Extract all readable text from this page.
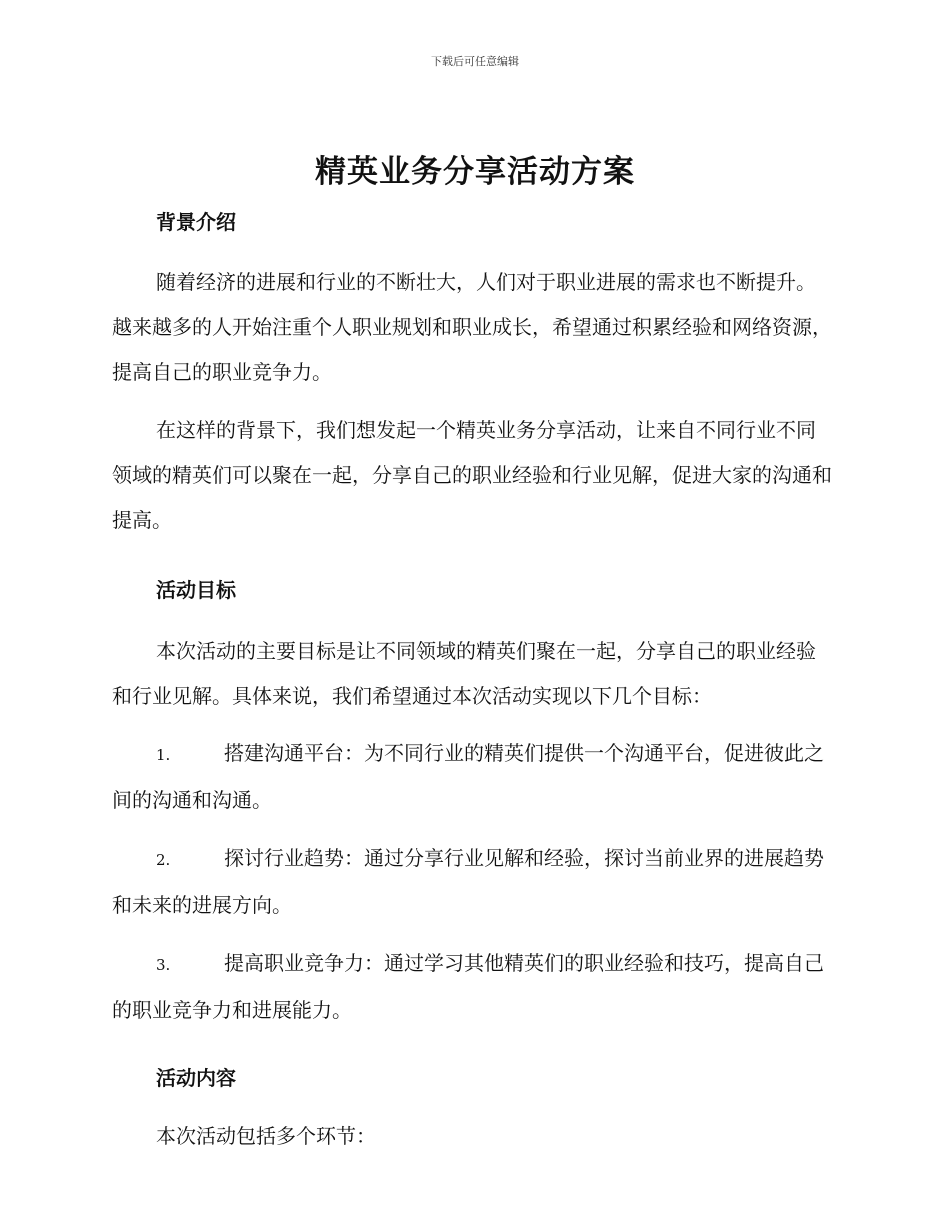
下载后可任意编辑
精英业务分享活动方案
背景介绍

随着经济的进展和行业的不断壮大，人们对于职业进展的需求也不断提升。越来越多的人开始注重个人职业规划和职业成长，希望通过积累经验和网络资源，提高自己的职业竞争力。

在这样的背景下，我们想发起一个精英业务分享活动，让来自不同行业不同领域的精英们可以聚在一起，分享自己的职业经验和行业见解，促进大家的沟通和提高。

活动目标

本次活动的主要目标是让不同领域的精英们聚在一起，分享自己的职业经验和行业见解。具体来说，我们希望通过本次活动实现以下几个目标：

1.	搭建沟通平台：为不同行业的精英们提供一个沟通平台，促进彼此之间的沟通和沟通。

2.	探讨行业趋势：通过分享行业见解和经验，探讨当前业界的进展趋势和未来的进展方向。

3.	提高职业竞争力：通过学习其他精英们的职业经验和技巧，提高自己的职业竞争力和进展能力。

活动内容

本次活动包括多个环节：
